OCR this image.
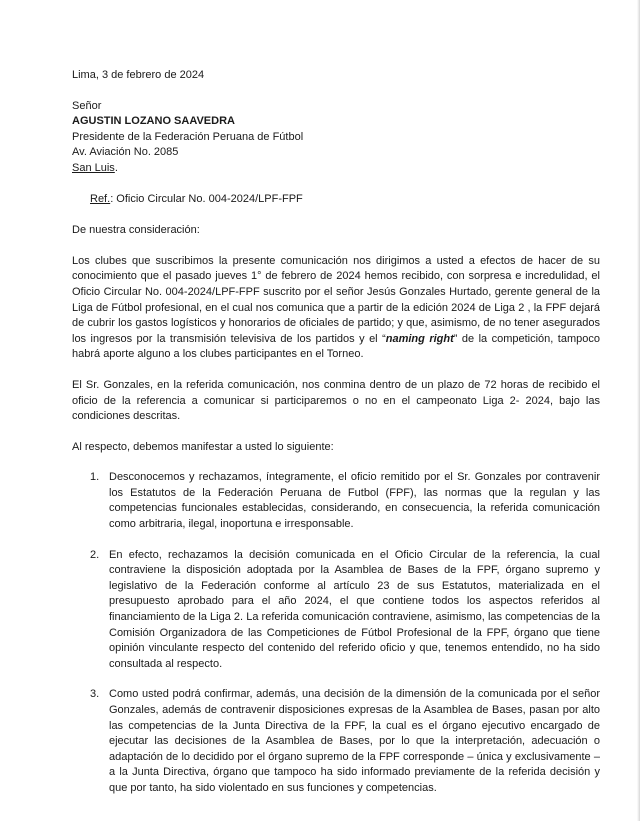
Lima, 3 de febrero de 2024

Señor

AGUSTIN LOZANO SAAVEDRA

Presidente de la Federación Peruana de Fútbol

Av. Aviación No. 2085

San Luis.

Ref.: Oficio Circular No. 004-2024/LPF-FPF

De nuestra consideración:

Los clubes que suscribimos la presente comunicación nos dirigimos a usted a efectos de hacer de su conocimiento que el pasado jueves 1° de febrero de 2024 hemos recibido, con sorpresa e incredulidad, el Oficio Circular No. 004-2024/LPF-FPF suscrito por el señor Jesús Gonzales Hurtado, gerente general de la Liga de Fútbol profesional, en el cual nos comunica que a partir de la edición 2024 de Liga 2 , la FPF dejará de cubrir los gastos logísticos y honorarios de oficiales de partido; y que, asimismo, de no tener asegurados los ingresos por la transmisión televisiva de los partidos y el “naming right” de la competición, tampoco habrá aporte alguno a los clubes participantes en el Torneo.

El Sr. Gonzales, en la referida comunicación, nos conmina dentro de un plazo de 72 horas de recibido el oficio de la referencia a comunicar si participaremos o no en el campeonato Liga 2- 2024, bajo las condiciones descritas.

Al respecto, debemos manifestar a usted lo siguiente:

1. Desconocemos y rechazamos, íntegramente, el oficio remitido por el Sr. Gonzales por contravenir los Estatutos de la Federación Peruana de Futbol (FPF), las normas que la regulan y las competencias funcionales establecidas, considerando, en consecuencia, la referida comunicación como arbitraria, ilegal, inoportuna e irresponsable.
2. En efecto, rechazamos la decisión comunicada en el Oficio Circular de la referencia, la cual contraviene la disposición adoptada por la Asamblea de Bases de la FPF, órgano supremo y legislativo de la Federación conforme al artículo 23 de sus Estatutos, materializada en el presupuesto aprobado para el año 2024, el que contiene todos los aspectos referidos al financiamiento de la Liga 2. La referida comunicación contraviene, asimismo, las competencias de la Comisión Organizadora de las Competiciones de Fútbol Profesional de la FPF, órgano que tiene opinión vinculante respecto del contenido del referido oficio y que, tenemos entendido, no ha sido consultada al respecto.
3. Como usted podrá confirmar, además, una decisión de la dimensión de la comunicada por el señor Gonzales, además de contravenir disposiciones expresas de la Asamblea de Bases, pasan por alto las competencias de la Junta Directiva de la FPF, la cual es el órgano ejecutivo encargado de ejecutar las decisiones de la Asamblea de Bases, por lo que la interpretación, adecuación o adaptación de lo decidido por el órgano supremo de la FPF corresponde – única y exclusivamente – a la Junta Directiva, órgano que tampoco ha sido informado previamente de la referida decisión y que por tanto, ha sido violentado en sus funciones y competencias.
